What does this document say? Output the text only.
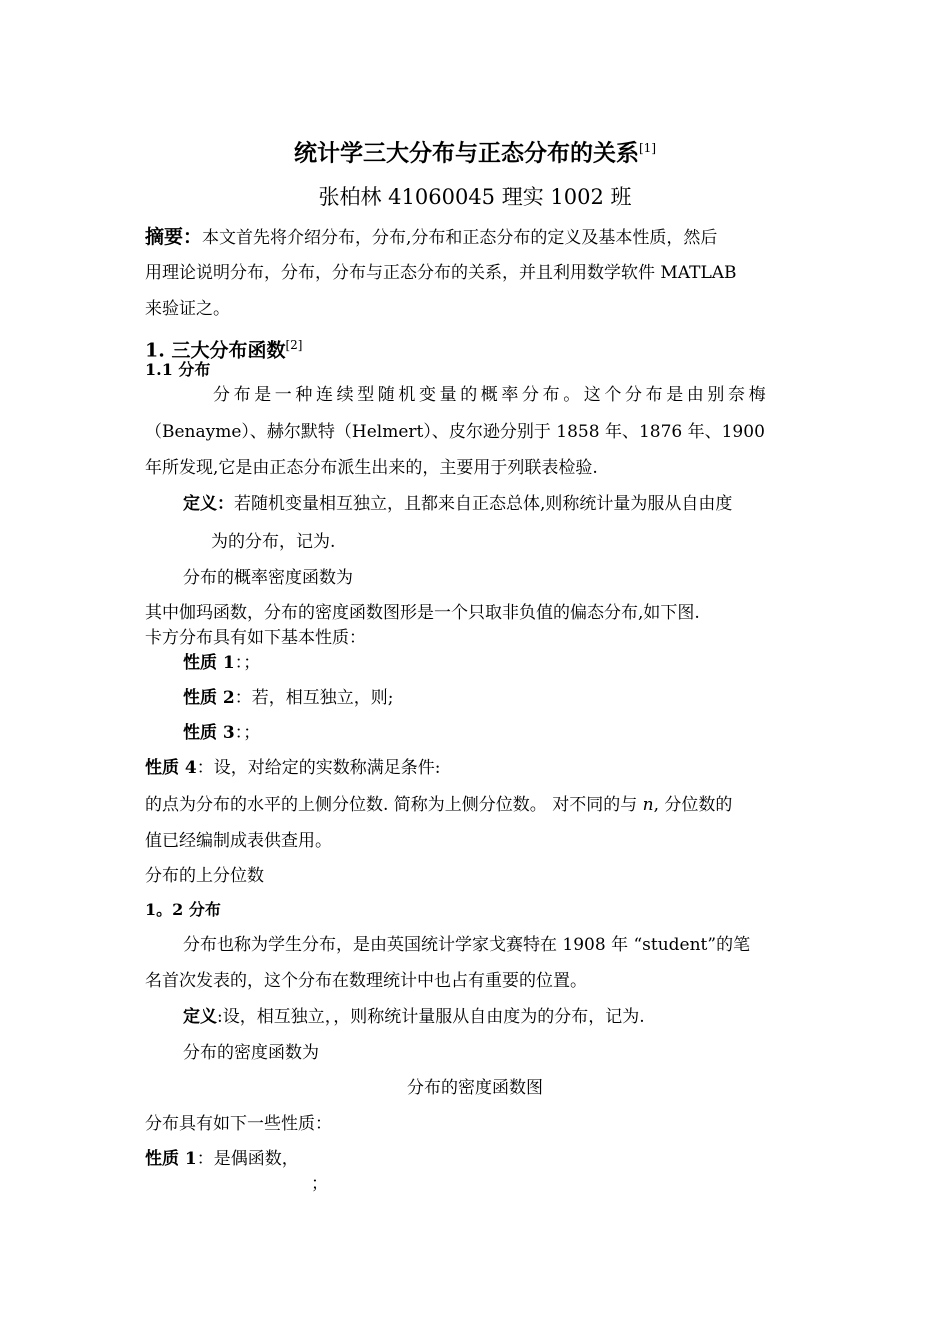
统计学三大分布与正态分布的关系[1]
张柏林 41060045 理实 1002 班
摘要：本文首先将介绍分布，分布,分布和正态分布的定义及基本性质，然后
用理论说明分布，分布，分布与正态分布的关系，并且利用数学软件 MATLAB
来验证之。
1. 三大分布函数[2]
1.1 分布
分布是一种连续型随机变量的概率分布。这个分布是由别奈梅
（Benayme）、赫尔默特（Helmert）、皮尔逊分别于 1858 年、1876 年、1900
年所发现,它是由正态分布派生出来的，主要用于列联表检验.
定义：若随机变量相互独立，且都来自正态总体,则称统计量为服从自由度
为的分布，记为.
分布的概率密度函数为
其中伽玛函数，分布的密度函数图形是一个只取非负值的偏态分布,如下图.
卡方分布具有如下基本性质：
性质 1：；
性质 2：若，相互独立，则;
性质 3：；
性质 4：设，对给定的实数称满足条件:
的点为分布的水平的上侧分位数. 简称为上侧分位数。 对不同的与 n, 分位数的
值已经编制成表供查用。
分布的上分位数
1。2 分布
分布也称为学生分布，是由英国统计学家戈赛特在 1908 年 “student”的笔
名首次发表的，这个分布在数理统计中也占有重要的位置。
定义:设，相互独立，，则称统计量服从自由度为的分布，记为.
分布的密度函数为
分布的密度函数图
分布具有如下一些性质：
性质 1：是偶函数，
；
